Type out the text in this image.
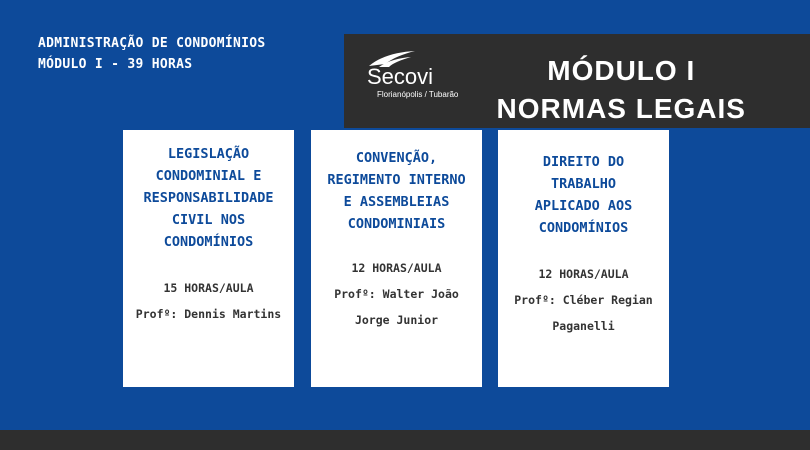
ADMINISTRAÇÃO DE CONDOMÍNIOS
MÓDULO I - 39 HORAS	Secovi
Florianópolis / Tubarão
MÓDULO I
NORMAS LEGAIS
LEGISLAÇÃO
CONDOMINIAL E
RESPONSABILIDADE
CIVIL NOS
CONDOMÍNIOS
15 HORAS/AULA
Profº: Dennis Martins
CONVENÇÃO,
REGIMENTO INTERNO
E ASSEMBLEIAS
CONDOMINIAIS
12 HORAS/AULA
Profº: Walter João
Jorge Junior
DIREITO DO
TRABALHO
APLICADO AOS
CONDOMÍNIOS
12 HORAS/AULA
Profº: Cléber Regian
Paganelli
